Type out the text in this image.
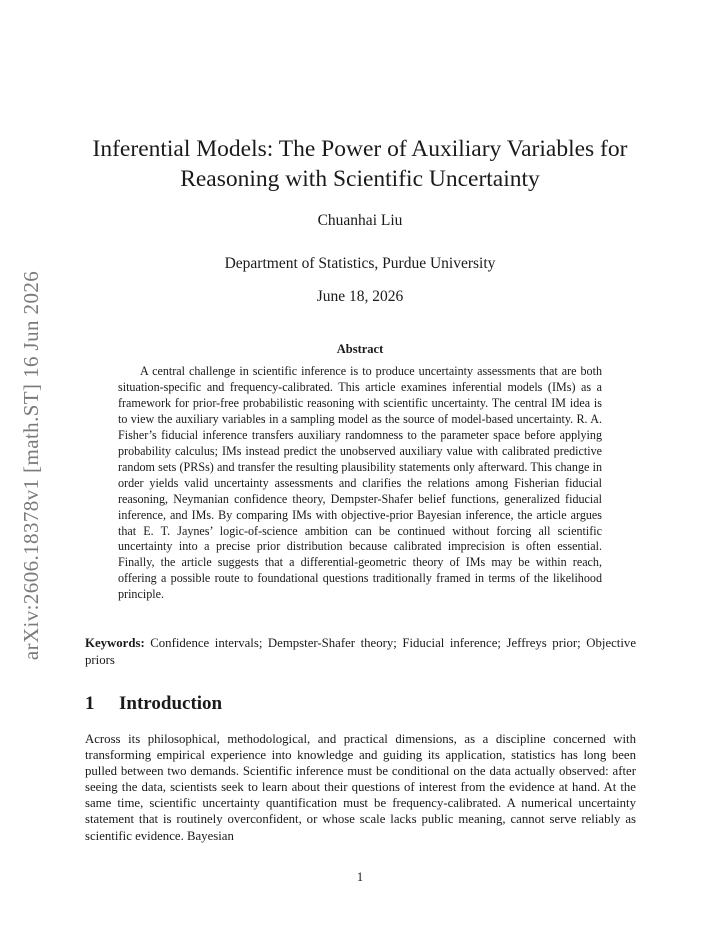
arXiv:2606.18378v1 [math.ST] 16 Jun 2026
Inferential Models: The Power of Auxiliary Variables for Reasoning with Scientific Uncertainty

Chuanhai Liu

Department of Statistics, Purdue University

June 18, 2026

Abstract

A central challenge in scientific inference is to produce uncertainty assessments that are both situation-specific and frequency-calibrated. This article examines inferential models (IMs) as a framework for prior-free probabilistic reasoning with scientific uncertainty. The central IM idea is to view the auxiliary variables in a sampling model as the source of model-based uncertainty. R. A. Fisher’s fiducial inference transfers auxiliary randomness to the parameter space before applying probability calculus; IMs instead predict the unobserved auxiliary value with calibrated predictive random sets (PRSs) and transfer the resulting plausibility statements only afterward. This change in order yields valid uncertainty assessments and clarifies the relations among Fisherian fiducial reasoning, Neymanian confidence theory, Dempster-Shafer belief functions, generalized fiducial inference, and IMs. By comparing IMs with objective-prior Bayesian inference, the article argues that E. T. Jaynes’ logic-of-science ambition can be continued without forcing all scientific uncertainty into a precise prior distribution because calibrated imprecision is often essential. Finally, the article suggests that a differential-geometric theory of IMs may be within reach, offering a possible route to foundational questions traditionally framed in terms of the likelihood principle.

Keywords: Confidence intervals; Dempster-Shafer theory; Fiducial inference; Jeffreys prior; Objective priors

1 Introduction

Across its philosophical, methodological, and practical dimensions, as a discipline concerned with transforming empirical experience into knowledge and guiding its application, statistics has long been pulled between two demands. Scientific inference must be conditional on the data actually observed: after seeing the data, scientists seek to learn about their questions of interest from the evidence at hand. At the same time, scientific uncertainty quantification must be frequency-calibrated. A numerical uncertainty statement that is routinely overconfident, or whose scale lacks public meaning, cannot serve reliably as scientific evidence. Bayesian

1
